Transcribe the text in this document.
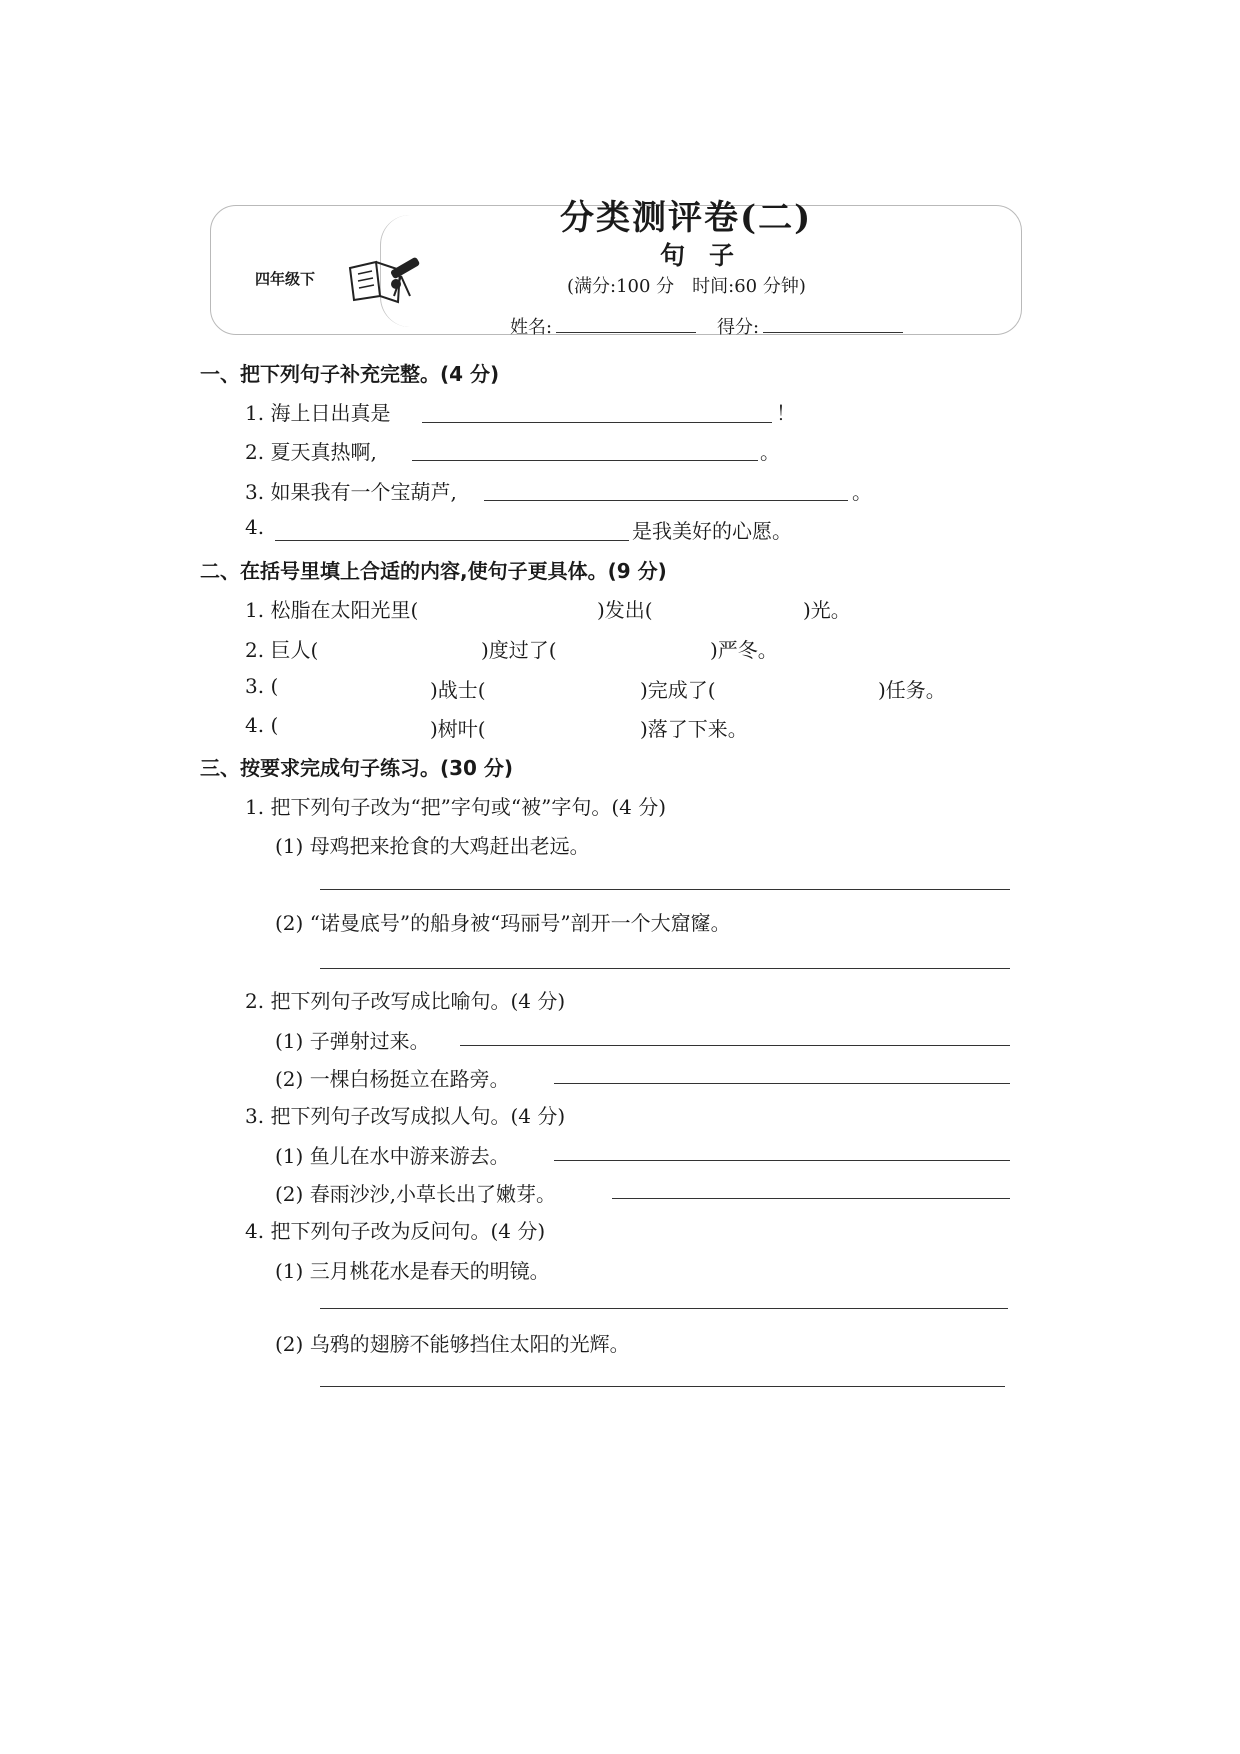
分类测评卷(二)
句子
(满分:100 分　时间:60 分钟)
四年级下
姓名:	得分:
一、把下列句子补充完整。(4 分)
1. 海上日出真是	！
2. 夏天真热啊,	。
3. 如果我有一个宝葫芦,	。
4.	是我美好的心愿。
二、在括号里填上合适的内容,使句子更具体。(9 分)
1. 松脂在太阳光里(	)发出(	)光。
2. 巨人(	)度过了(	)严冬。
3. (	)战士(	)完成了(	)任务。
4. (	)树叶(	)落了下来。
三、按要求完成句子练习。(30 分)
1. 把下列句子改为“把”字句或“被”字句。(4 分)
(1) 母鸡把来抢食的大鸡赶出老远。
(2) “诺曼底号”的船身被“玛丽号”剖开一个大窟窿。
2. 把下列句子改写成比喻句。(4 分)
(1) 子弹射过来。
(2) 一棵白杨挺立在路旁。
3. 把下列句子改写成拟人句。(4 分)
(1) 鱼儿在水中游来游去。
(2) 春雨沙沙,小草长出了嫩芽。
4. 把下列句子改为反问句。(4 分)
(1) 三月桃花水是春天的明镜。
(2) 乌鸦的翅膀不能够挡住太阳的光辉。
